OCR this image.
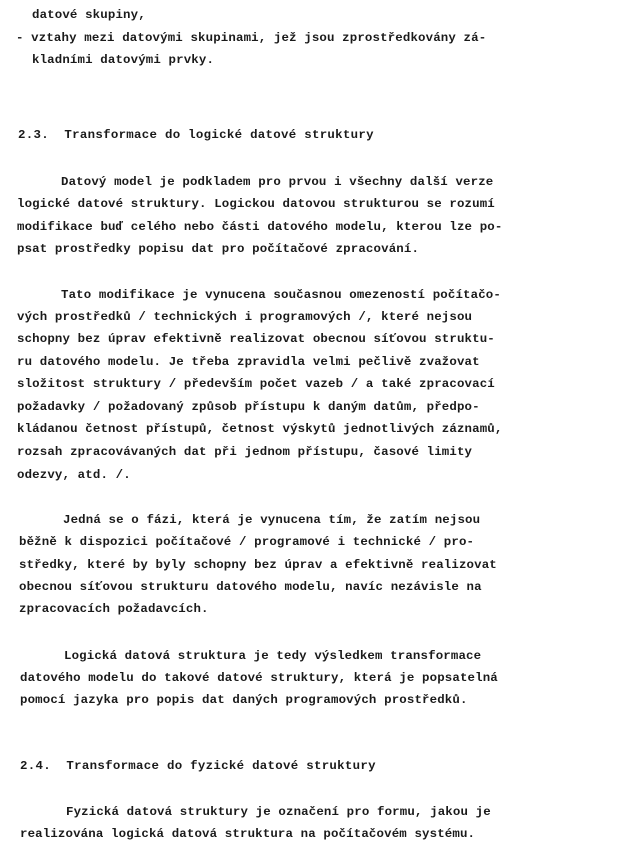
datové skupiny,
- vztahy mezi datovými skupinami, jež jsou zprostředkovány zá-
kladními datovými prvky.
2.3.  Transformace do logické datové struktury
Datový model je podkladem pro prvou i všechny další verze
logické datové struktury. Logickou datovou strukturou se rozumí
modifikace buď celého nebo části datového modelu, kterou lze po-
psat prostředky popisu dat pro počítačové zpracování.
Tato modifikace je vynucena současnou omezeností počítačo-
vých prostředků / technických i programových /, které nejsou
schopny bez úprav efektivně realizovat obecnou síťovou struktu-
ru datového modelu. Je třeba zpravidla velmi pečlivě zvažovat
složitost struktury / především počet vazeb / a také zpracovací
požadavky / požadovaný způsob přístupu k daným datům, předpo-
kládanou četnost přístupů, četnost výskytů jednotlivých záznamů,
rozsah zpracovávaných dat při jednom přístupu, časové limity
odezvy, atd. /.
Jedná se o fázi, která je vynucena tím, že zatím nejsou
běžně k dispozici počítačové / programové i technické / pro-
středky, které by byly schopny bez úprav a efektivně realizovat
obecnou síťovou strukturu datového modelu, navíc nezávisle na
zpracovacích požadavcích.
Logická datová struktura je tedy výsledkem transformace
datového modelu do takové datové struktury, která je popsatelná
pomocí jazyka pro popis dat daných programových prostředků.
2.4.  Transformace do fyzické datové struktury
Fyzická datová struktury je označení pro formu, jakou je
realizována logická datová struktura na počítačovém systému.
